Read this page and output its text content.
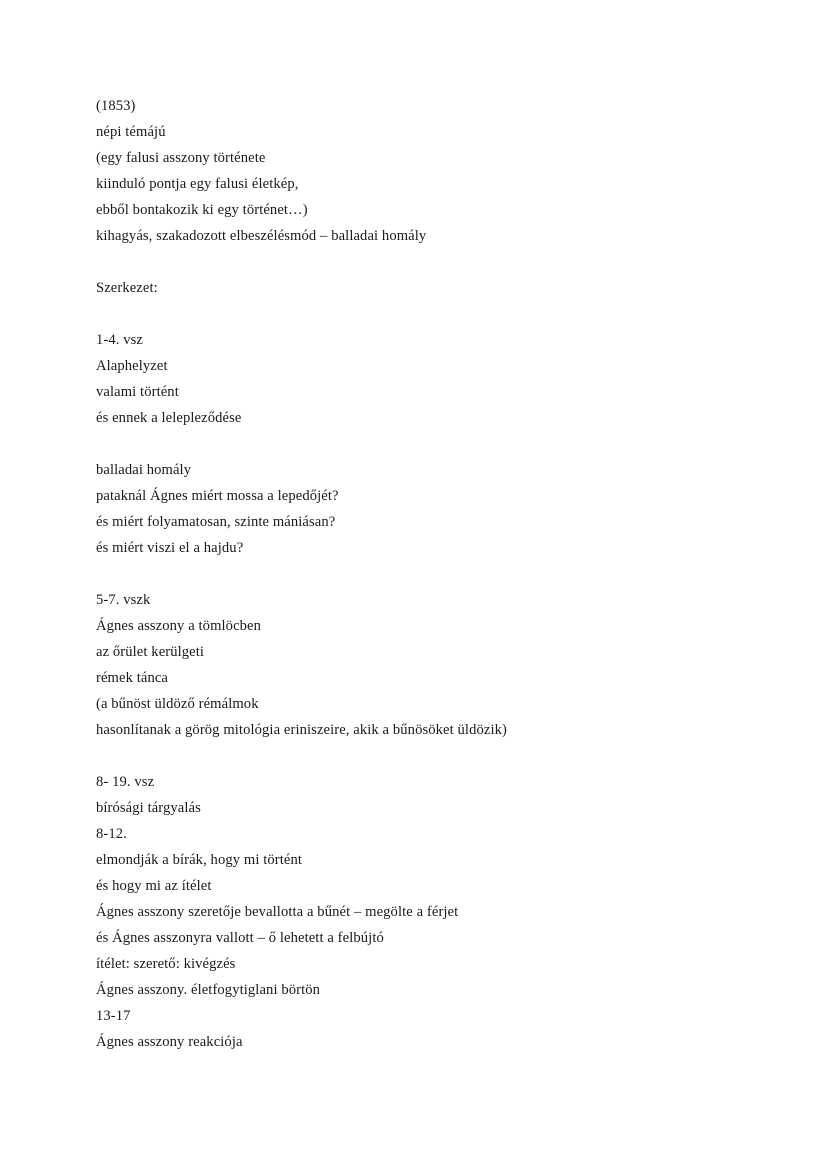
(1853)
népi témájú
(egy falusi asszony története
kiinduló pontja egy falusi életkép,
ebből bontakozik ki egy történet…)
kihagyás, szakadozott elbeszélésmód – balladai homály
Szerkezet:
1-4. vsz
Alaphelyzet
valami történt
és ennek a lelepleződése
balladai homály
pataknál Ágnes miért mossa a lepedőjét?
és miért folyamatosan, szinte mániásan?
és miért viszi el a hajdu?
5-7. vszk
Ágnes asszony a tömlöcben
az őrület kerülgeti
rémek tánca
(a bűnöst üldöző rémálmok
hasonlítanak a görög mitológia eriniszeire, akik a bűnösöket üldözik)
8- 19. vsz
bírósági tárgyalás
8-12.
elmondják a bírák, hogy mi történt
és hogy mi az ítélet
Ágnes asszony szeretője bevallotta a bűnét – megölte a férjet
és Ágnes asszonyra vallott – ő lehetett a felbújtó
ítélet: szerető: kivégzés
Ágnes asszony. életfogytiglani börtön
13-17
Ágnes asszony reakciója
